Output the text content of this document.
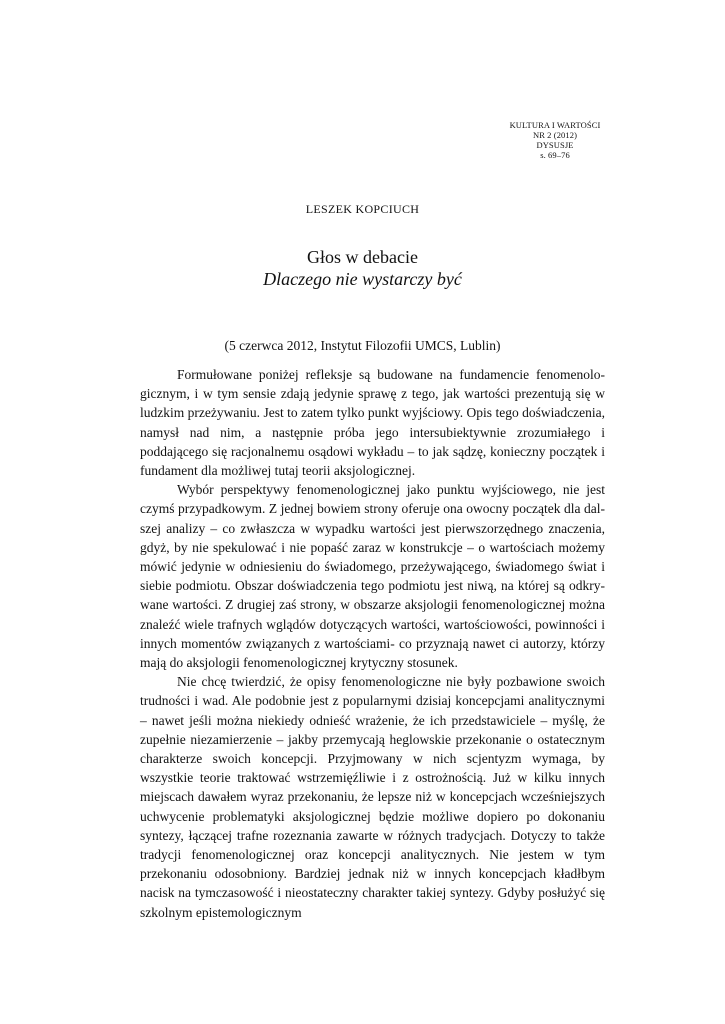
KULTURA I WARTOŚCI
NR 2 (2012)
DYSUSJE
s. 69–76
LESZEK KOPCIUCH
Głos w debacie
Dlaczego nie wystarczy być
(5 czerwca 2012, Instytut Filozofii UMCS, Lublin)

Formułowane poniżej refleksje są budowane na fundamencie fenomenologicznym, i w tym sensie zdają jedynie sprawę z tego, jak wartości prezentują się w ludzkim przeżywaniu. Jest to zatem tylko punkt wyjściowy. Opis tego doświadczenia, namysł nad nim, a następnie próba jego intersubiektywnie zrozumiałego i poddającego się racjonalnemu osądowi wykładu – to jak sądzę, konieczny początek i fundament dla możliwej tutaj teorii aksjologicznej.

Wybór perspektywy fenomenologicznej jako punktu wyjściowego, nie jest czymś przypadkowym. Z jednej bowiem strony oferuje ona owocny początek dla dalszej analizy – co zwłaszcza w wypadku wartości jest pierwszorzędnego znaczenia, gdyż, by nie spekulować i nie popaść zaraz w konstrukcje – o wartościach możemy mówić jedynie w odniesieniu do świadomego, przeżywającego, świadomego świat i siebie podmiotu. Obszar doświadczenia tego podmiotu jest niwą, na której są odkrywane wartości. Z drugiej zaś strony, w obszarze aksjologii fenomenologicznej można znaleźć wiele trafnych wglądów dotyczących wartości, wartościowości, powinności i innych momentów związanych z wartościami- co przyznają nawet ci autorzy, którzy mają do aksjologii fenomenologicznej krytyczny stosunek.

Nie chcę twierdzić, że opisy fenomenologiczne nie były pozbawione swoich trudności i wad. Ale podobnie jest z popularnymi dzisiaj koncepcjami analitycznymi – nawet jeśli można niekiedy odnieść wrażenie, że ich przedstawiciele – myślę, że zupełnie niezamierzenie – jakby przemycają heglowskie przekonanie o ostatecznym charakterze swoich koncepcji. Przyjmowany w nich scjentyzm wymaga, by wszystkie teorie traktować wstrzemięźliwie i z ostrożnością. Już w kilku innych miejscach dawałem wyraz przekonaniu, że lepsze niż w koncepcjach wcześniejszych uchwycenie problematyki aksjologicznej będzie możliwe dopiero po dokonaniu syntezy, łączącej trafne rozeznania zawarte w różnych tradycjach. Dotyczy to także tradycji fenomenologicznej oraz koncepcji analitycznych. Nie jestem w tym przekonaniu odosobniony. Bardziej jednak niż w innych koncepcjach kładłbym nacisk na tymczasowość i nieostateczny charakter takiej syntezy. Gdyby posłużyć się szkolnym epistemologicznym
